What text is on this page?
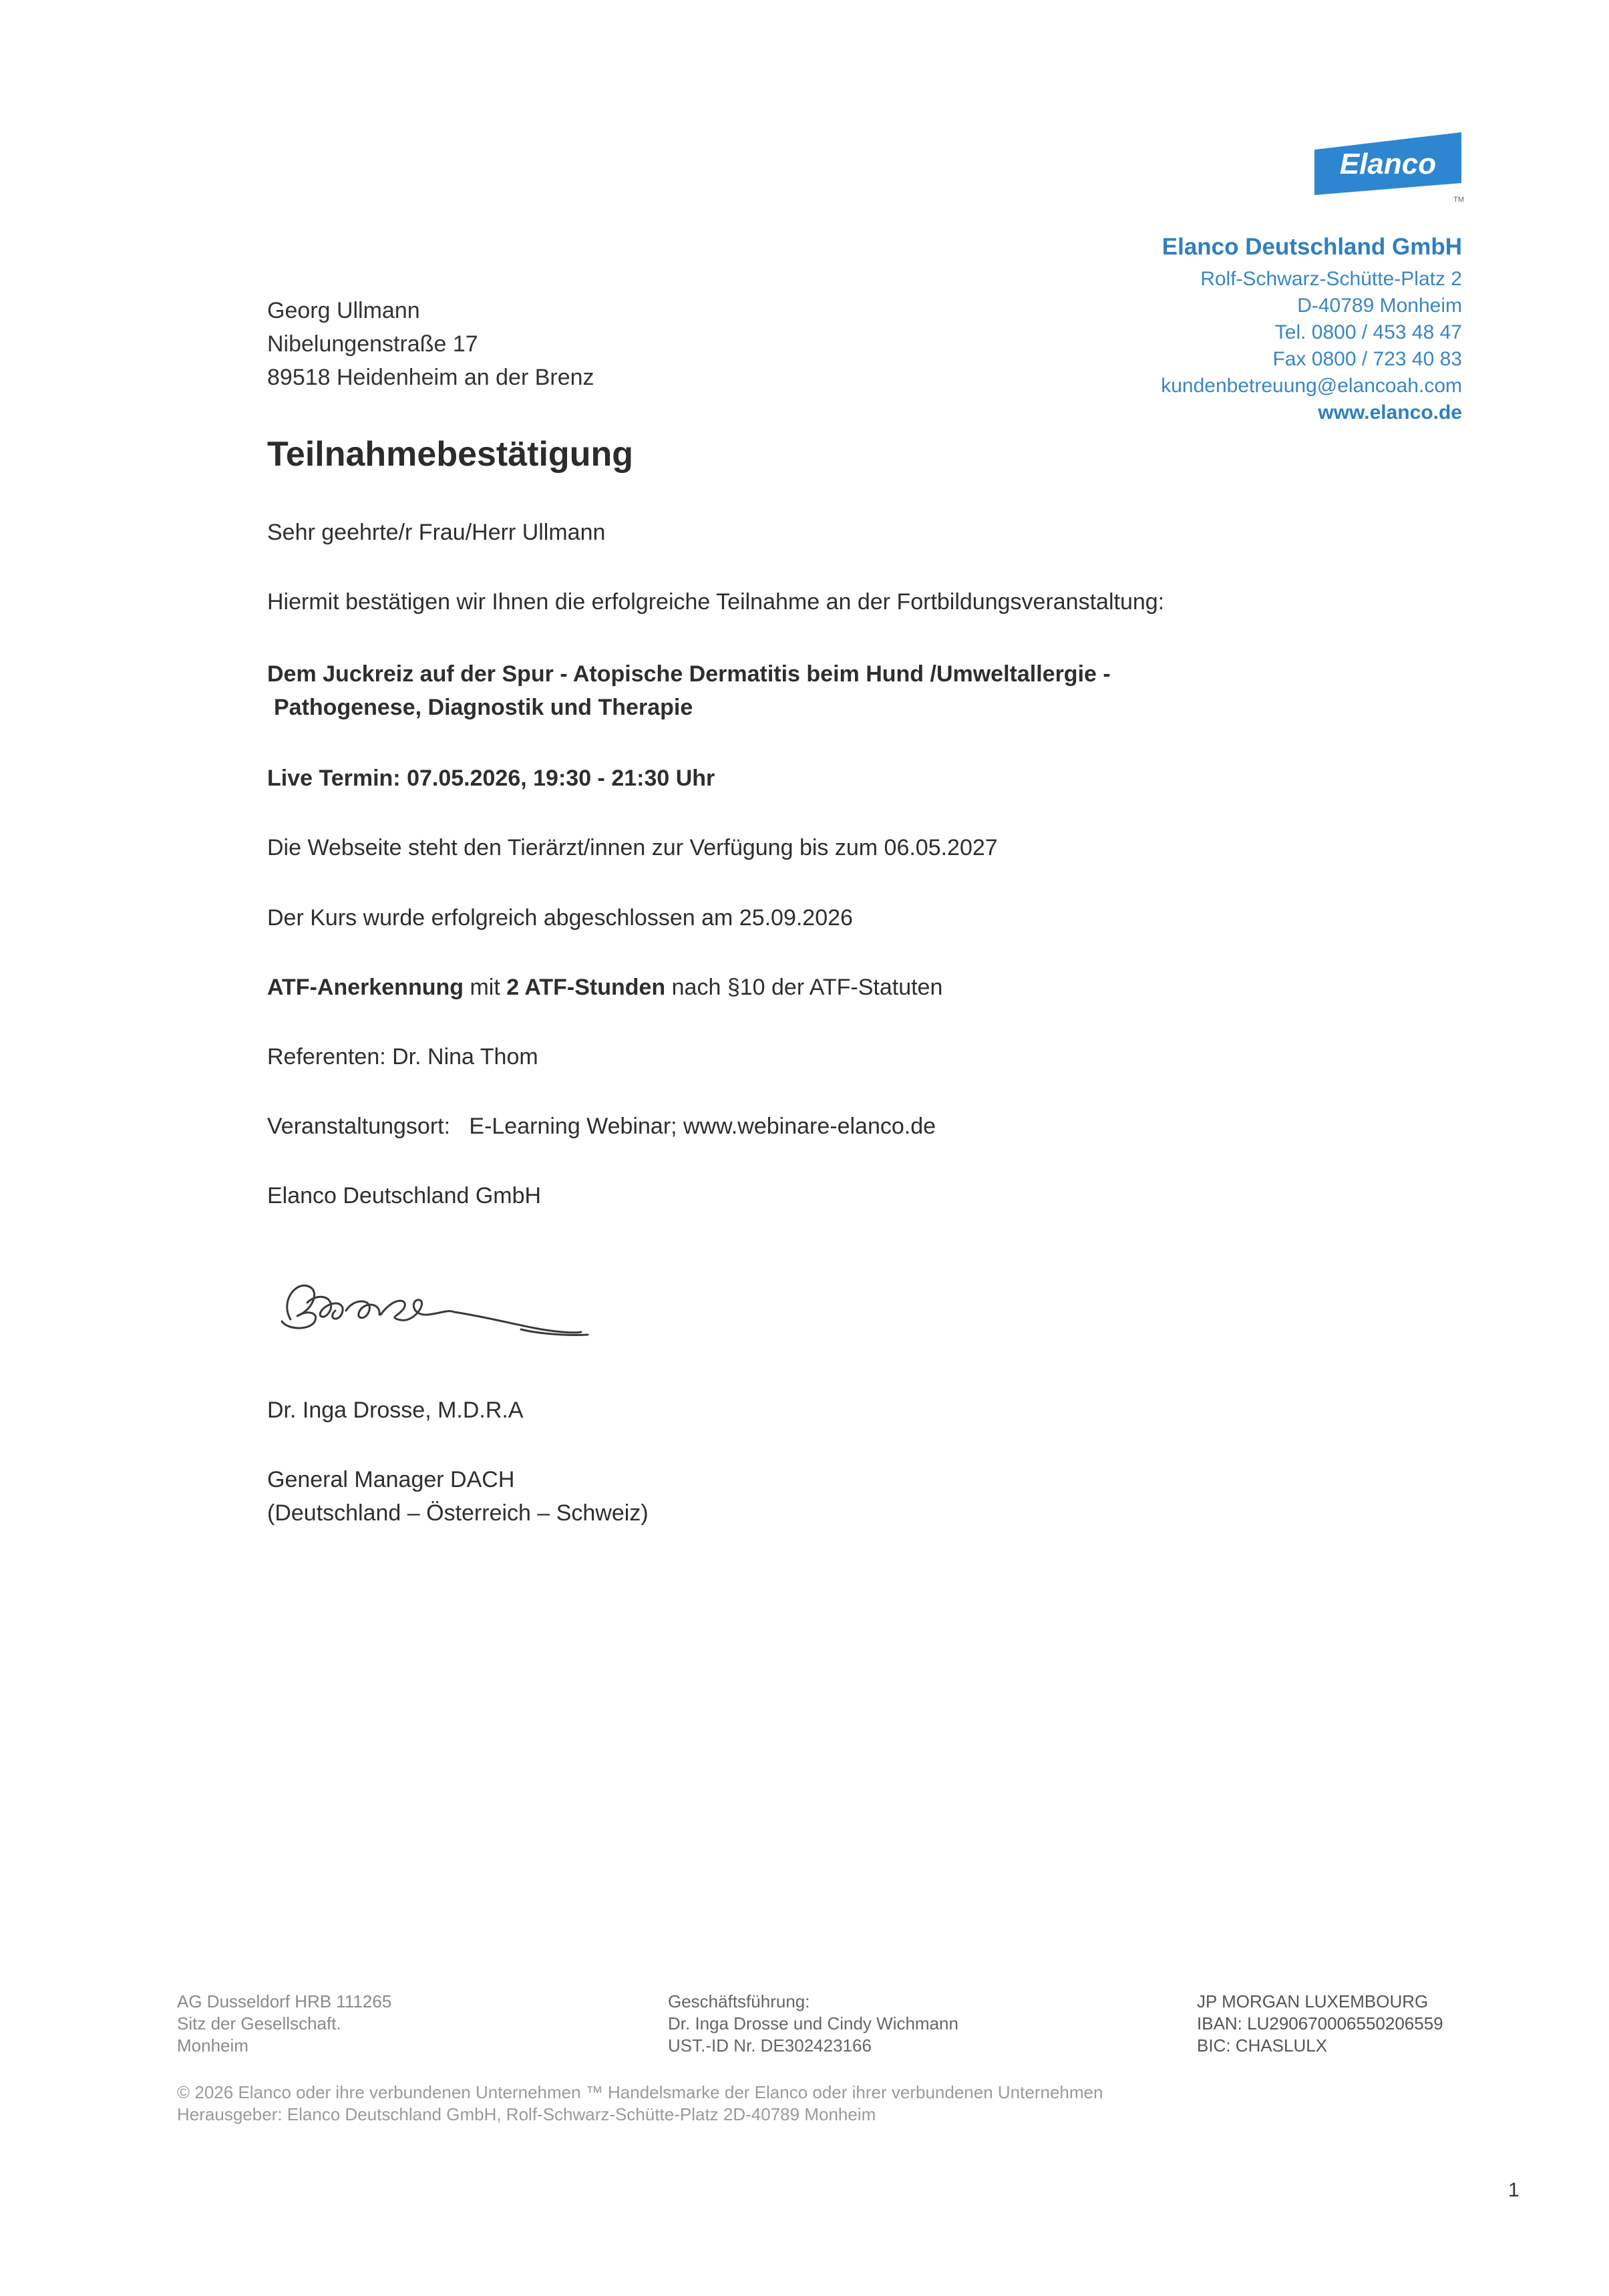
Elanco
TM
Elanco Deutschland GmbH
Rolf-Schwarz-Schütte-Platz 2
D-40789 Monheim
Tel. 0800 / 453 48 47
Fax 0800 / 723 40 83
kundenbetreuung@elancoah.com
www.elanco.de
Georg Ullmann
Nibelungenstraße 17
89518 Heidenheim an der Brenz
Teilnahmebestätigung
Sehr geehrte/r Frau/Herr Ullmann
Hiermit bestätigen wir Ihnen die erfolgreiche Teilnahme an der Fortbildungsveranstaltung:
Dem Juckreiz auf der Spur - Atopische Dermatitis beim Hund /Umweltallergie -
Pathogenese, Diagnostik und Therapie
Live Termin: 07.05.2026, 19:30 - 21:30 Uhr
Die Webseite steht den Tierärzt/innen zur Verfügung bis zum 06.05.2027
Der Kurs wurde erfolgreich abgeschlossen am 25.09.2026
ATF-Anerkennung mit 2 ATF-Stunden nach §10 der ATF-Statuten
Referenten: Dr. Nina Thom
Veranstaltungsort:   E-Learning Webinar; www.webinare-elanco.de
Elanco Deutschland GmbH
Dr. Inga Drosse, M.D.R.A
General Manager DACH
(Deutschland – Österreich – Schweiz)
AG Dusseldorf HRB 111265
Sitz der Gesellschaft.
Monheim
Geschäftsführung:
Dr. Inga Drosse und Cindy Wichmann
UST.-ID Nr. DE302423166
JP MORGAN LUXEMBOURG
IBAN: LU290670006550206559
BIC: CHASLULX
© 2026 Elanco oder ihre verbundenen Unternehmen ™ Handelsmarke der Elanco oder ihrer verbundenen Unternehmen
Herausgeber: Elanco Deutschland GmbH, Rolf-Schwarz-Schütte-Platz 2D-40789 Monheim
1
